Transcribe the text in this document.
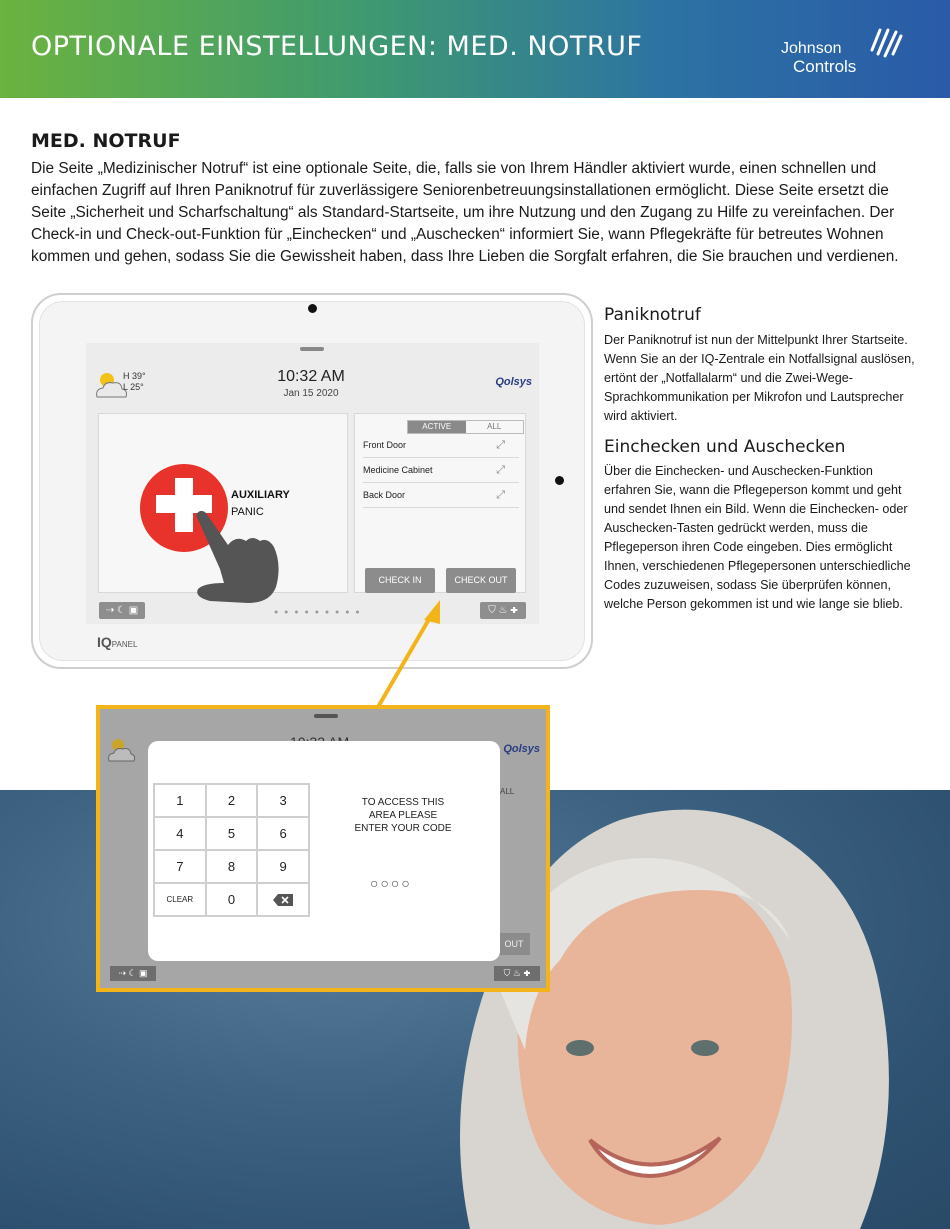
OPTIONALE EINSTELLUNGEN: MED. NOTRUF	Johnson
Controls
MED. NOTRUF

Die Seite „Medizinischer Notruf“ ist eine optionale Seite, die, falls sie von Ihrem Händler aktiviert wurde, einen schnellen und einfachen Zugriff auf Ihren Paniknotruf für zuverlässigere Seniorenbetreuungsinstallationen ermöglicht. Diese Seite ersetzt die Seite „Sicherheit und Scharfschaltung“ als Standard-Startseite, um ihre Nutzung und den Zugang zu Hilfe zu vereinfachen. Der Check-in und Check-out-Funktion für „Einchecken“ und „Auschecken“ informiert Sie, wann Pflegekräfte für betreutes Wohnen kommen und gehen, sodass Sie die Gewissheit haben, dass Ihre Lieben die Sorgfalt erfahren, die Sie brauchen und verdienen.

Paniknotruf

Der Paniknotruf ist nun der Mittelpunkt Ihrer Startseite. Wenn Sie an der IQ-Zentrale ein Notfallsignal auslösen, ertönt der „Notfallalarm“ und die Zwei-Wege-Sprachkommunikation per Mikrofon und Lautsprecher wird aktiviert.

Einchecken und Auschecken

Über die Einchecken- und Auschecken-Funktion erfahren Sie, wann die Pflegeperson kommt und geht und sendet Ihnen ein Bild. Wenn die Einchecken- oder Auschecken-Tasten gedrückt werden, muss die Pflegeperson ihren Code eingeben. Dies ermöglicht Ihnen, verschiedenen Pflegepersonen unterschiedliche Codes zuzuweisen, sodass Sie überprüfen können, welche Person gekommen ist und wie lange sie blieb.

H 39°
L 25°
10:32 AM
Jan 15 2020
Qolsys
ACTIVE	ALL
Front Door	⤢
Medicine Cabinet	⤢
Back Door	⤢
CHECK IN	CHECK OUT
⇢ ☾ ▣	● ● ● ● ● ● ● ● ●	⛉ ♨ ✚
IQPANEL
AUXILIARY
PANIC
Qolsys
ALL
OUT
1	2	3
4	5	6
7	8	9
CLEAR	0
TO ACCESS THIS
AREA PLEASE
ENTER YOUR CODE
○○○○
⇢ ☾ ▣	⛉ ♨ ✚
